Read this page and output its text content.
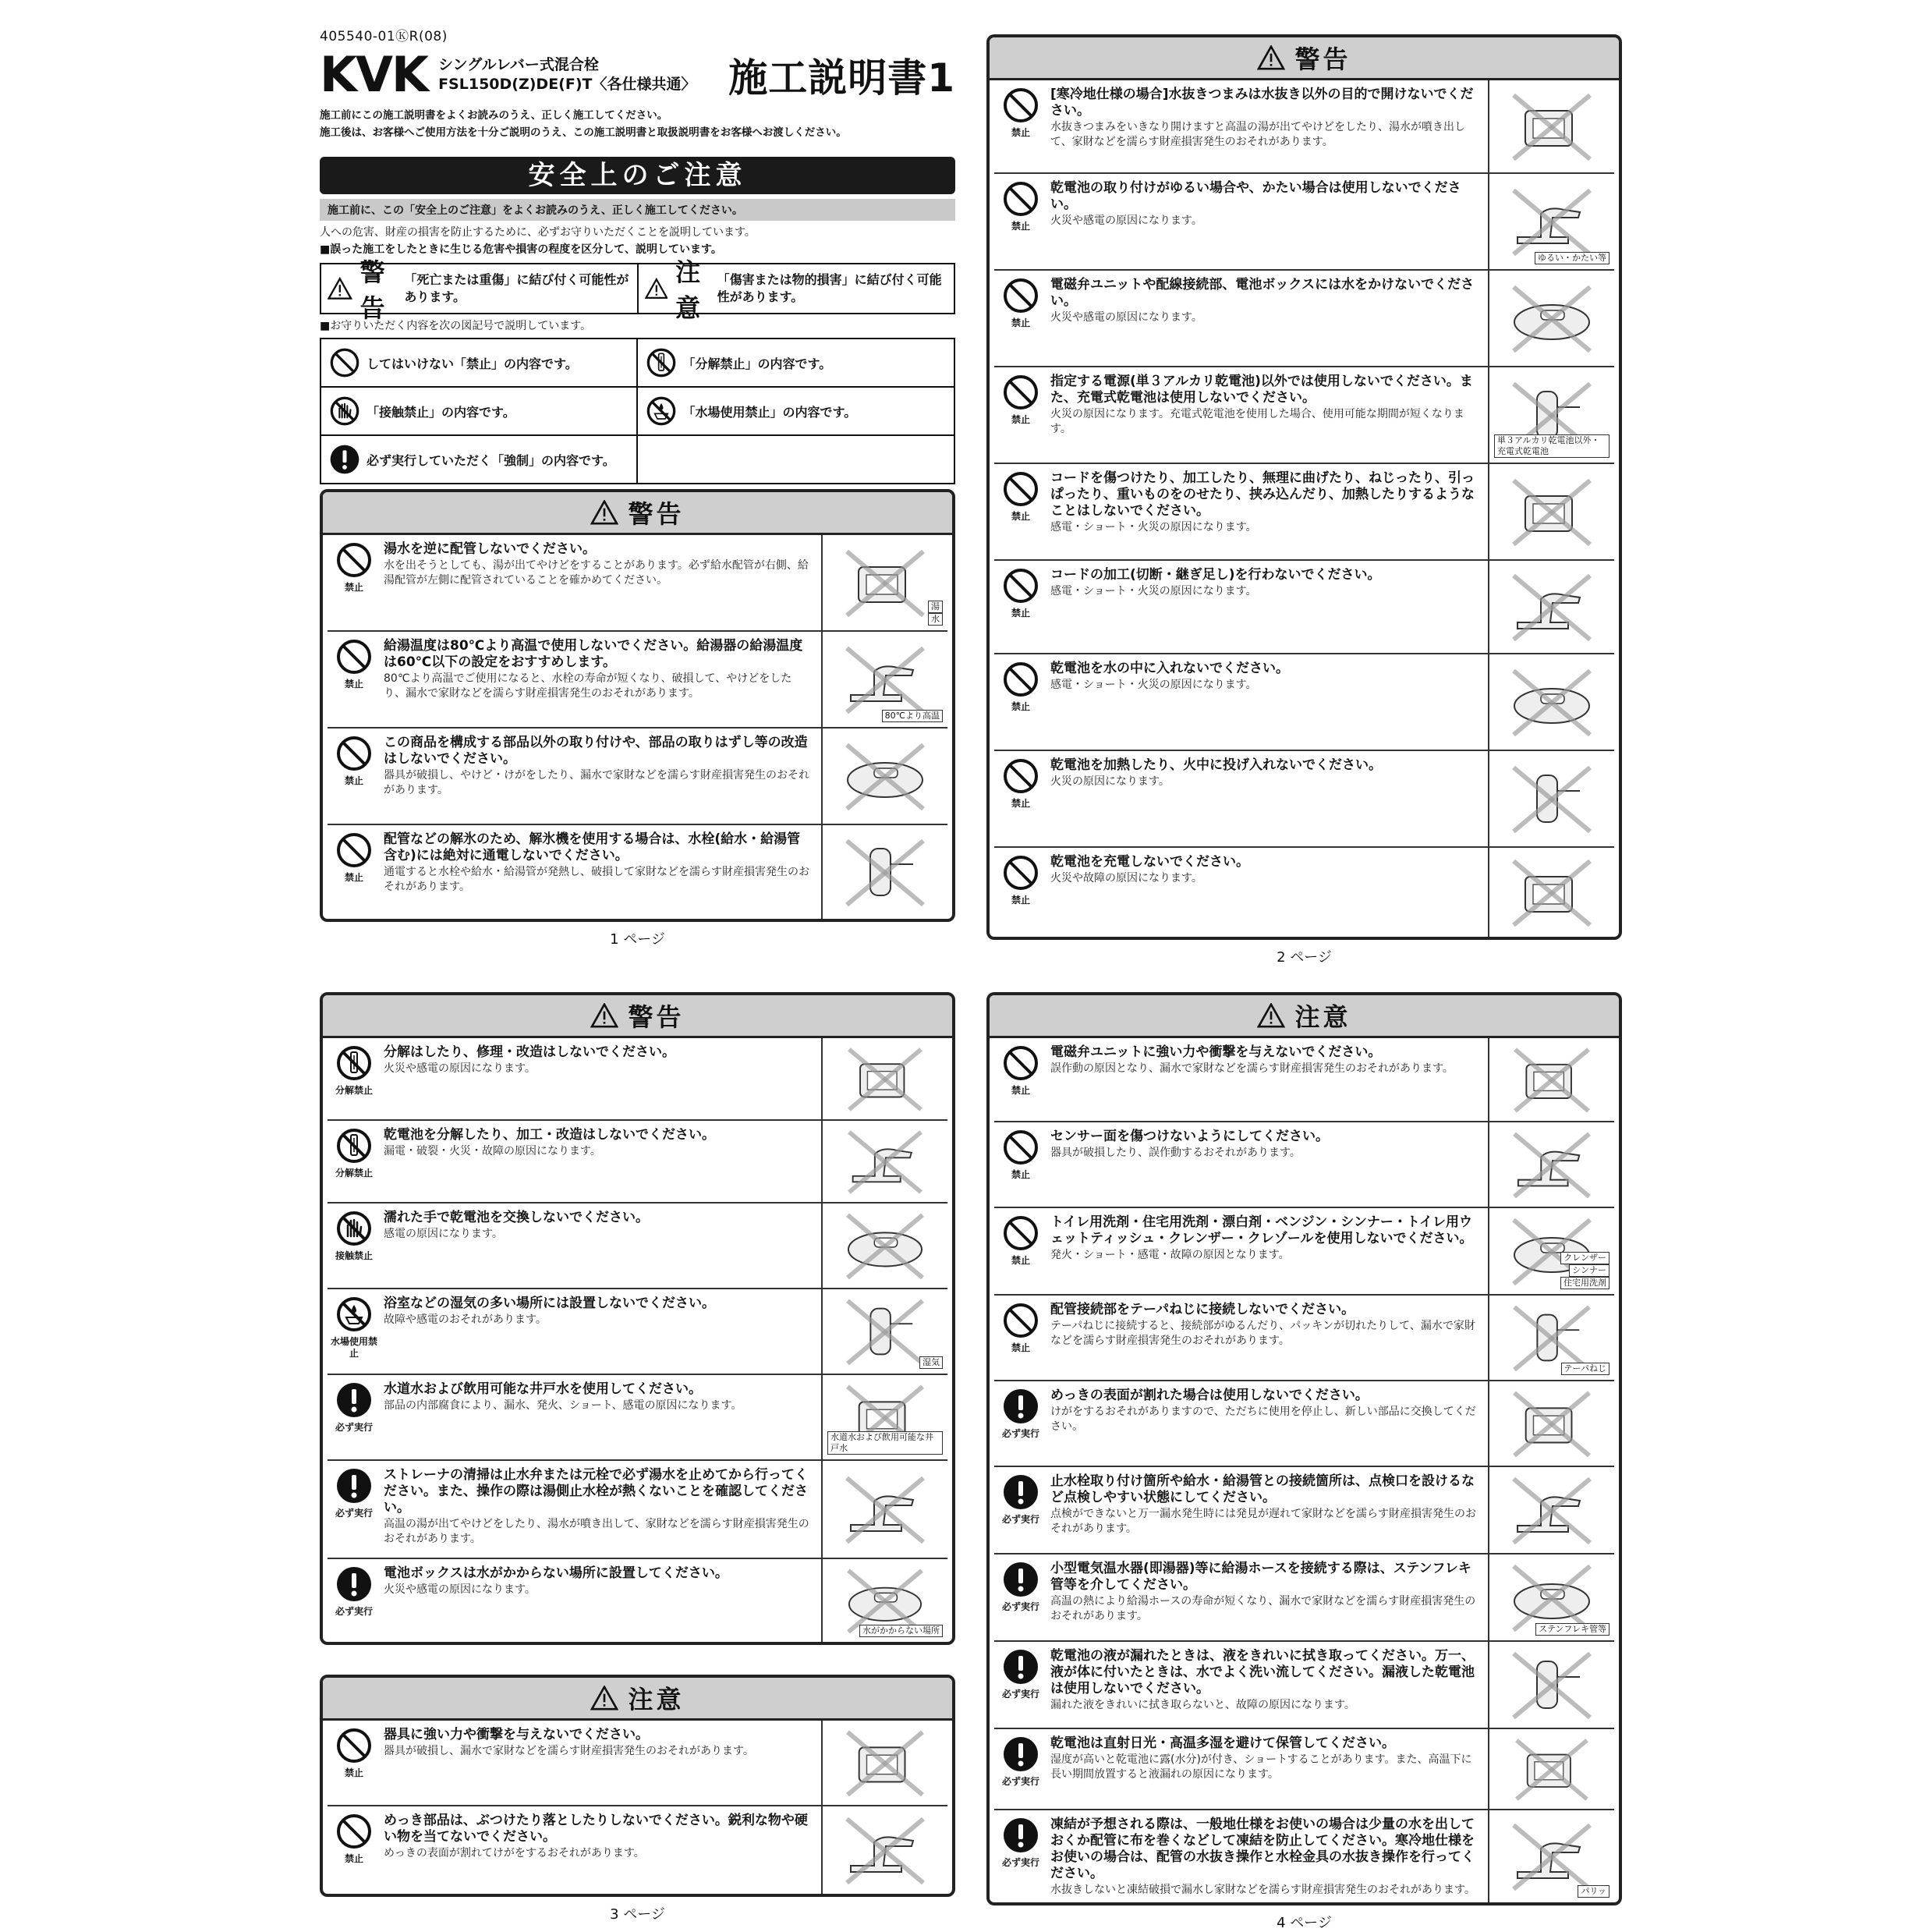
405540-01ⓀR(08)
KVK シングルレバー式混合栓
FSL150D(Z)DE(F)T〈各仕様共通〉 施工説明書1
施工前にこの施工説明書をよくお読みのうえ、正しく施工してください。
施工後は、お客様へご使用方法を十分ご説明のうえ、この施工説明書と取扱説明書をお客様へお渡しください。
安全上のご注意
施工前に、この「安全上のご注意」をよくお読みのうえ、正しく施工してください。
人への危害、財産の損害を防止するために、必ずお守りいただくことを説明しています。
■誤った施工をしたときに生じる危害や損害の程度を区分して、説明しています。
警告
「死亡または重傷」に結び付く可能性があります。
注意
「傷害または物的損害」に結び付く可能性があります。
■お守りいただく内容を次の図記号で説明しています。
してはいけない「禁止」の内容です。	「分解禁止」の内容です。
「接触禁止」の内容です。	「水場使用禁止」の内容です。
必ず実行していただく「強制」の内容です。
警告
禁止
湯水を逆に配管しないでください。
水を出そうとしても、湯が出てやけどをすることがあります。必ず給水配管が右側、給湯配管が左側に配管されていることを確かめてください。
水
湯
禁止
給湯温度は80℃より高温で使用しないでください。給湯器の給湯温度は60℃以下の設定をおすすめします。
80℃より高温でご使用になると、水栓の寿命が短くなり、破損して、やけどをしたり、漏水で家財などを濡らす財産損害発生のおそれがあります。
80℃より高温
禁止
この商品を構成する部品以外の取り付けや、部品の取りはずし等の改造はしないでください。
器具が破損し、やけど・けがをしたり、漏水で家財などを濡らす財産損害発生のおそれがあります。
禁止
配管などの解氷のため、解氷機を使用する場合は、水栓(給水・給湯管含む)には絶対に通電しないでください。
通電すると水栓や給水・給湯管が発熱し、破損して家財などを濡らす財産損害発生のおそれがあります。
1 ページ
警告
禁止
[寒冷地仕様の場合]水抜きつまみは水抜き以外の目的で開けないでください。
水抜きつまみをいきなり開けますと高温の湯が出てやけどをしたり、湯水が噴き出して、家財などを濡らす財産損害発生のおそれがあります。
禁止
乾電池の取り付けがゆるい場合や、かたい場合は使用しないでください。
火災や感電の原因になります。
ゆるい・かたい等
禁止
電磁弁ユニットや配線接続部、電池ボックスには水をかけないでください。
火災や感電の原因になります。
禁止
指定する電源(単３アルカリ乾電池)以外では使用しないでください。また、充電式乾電池は使用しないでください。
火災の原因になります。充電式乾電池を使用した場合、使用可能な期間が短くなります。
単３アルカリ乾電池以外・充電式乾電池
禁止
コードを傷つけたり、加工したり、無理に曲げたり、ねじったり、引っぱったり、重いものをのせたり、挟み込んだり、加熱したりするようなことはしないでください。
感電・ショート・火災の原因になります。
禁止
コードの加工(切断・継ぎ足し)を行わないでください。
感電・ショート・火災の原因になります。
禁止
乾電池を水の中に入れないでください。
感電・ショート・火災の原因になります。
禁止
乾電池を加熱したり、火中に投げ入れないでください。
火災の原因になります。
禁止
乾電池を充電しないでください。
火災や故障の原因になります。
2 ページ
警告
分解禁止
分解はしたり、修理・改造はしないでください。
火災や感電の原因になります。
分解禁止
乾電池を分解したり、加工・改造はしないでください。
漏電・破裂・火災・故障の原因になります。
接触禁止
濡れた手で乾電池を交換しないでください。
感電の原因になります。
水場使用禁止
浴室などの湿気の多い場所には設置しないでください。
故障や感電のおそれがあります。
湿気
必ず実行
水道水および飲用可能な井戸水を使用してください。
部品の内部腐食により、漏水、発火、ショート、感電の原因になります。
水道水および飲用可能な井戸水
必ず実行
ストレーナの清掃は止水弁または元栓で必ず湯水を止めてから行ってください。また、操作の際は湯側止水栓が熱くないことを確認してください。
高温の湯が出てやけどをしたり、湯水が噴き出して、家財などを濡らす財産損害発生のおそれがあります。
必ず実行
電池ボックスは水がかからない場所に設置してください。
火災や感電の原因になります。
水がかからない場所
注意
禁止
器具に強い力や衝撃を与えないでください。
器具が破損し、漏水で家財などを濡らす財産損害発生のおそれがあります。
禁止
めっき部品は、ぶつけたり落としたりしないでください。鋭利な物や硬い物を当てないでください。
めっきの表面が割れてけがをするおそれがあります。
3 ページ
注意
禁止
電磁弁ユニットに強い力や衝撃を与えないでください。
誤作動の原因となり、漏水で家財などを濡らす財産損害発生のおそれがあります。
禁止
センサー面を傷つけないようにしてください。
器具が破損したり、誤作動するおそれがあります。
禁止
トイレ用洗剤・住宅用洗剤・漂白剤・ベンジン・シンナー・トイレ用ウェットティッシュ・クレンザー・クレゾールを使用しないでください。
発火・ショート・感電・故障の原因となります。
住宅用洗剤
シンナー
クレンザー
禁止
配管接続部をテーパねじに接続しないでください。
テーパねじに接続すると、接続部がゆるんだり、パッキンが切れたりして、漏水で家財などを濡らす財産損害発生のおそれがあります。
テーパねじ
必ず実行
めっきの表面が割れた場合は使用しないでください。
けがをするおそれがありますので、ただちに使用を停止し、新しい部品に交換してください。
必ず実行
止水栓取り付け箇所や給水・給湯管との接続箇所は、点検口を設けるなど点検しやすい状態にしてください。
点検ができないと万一漏水発生時には発見が遅れて家財などを濡らす財産損害発生のおそれがあります。
必ず実行
小型電気温水器(即湯器)等に給湯ホースを接続する際は、ステンフレキ管等を介してください。
高温の熱により給湯ホースの寿命が短くなり、漏水で家財などを濡らす財産損害発生のおそれがあります。
ステンフレキ管等
必ず実行
乾電池の液が漏れたときは、液をきれいに拭き取ってください。万一、液が体に付いたときは、水でよく洗い流してください。漏液した乾電池は使用しないでください。
漏れた液をきれいに拭き取らないと、故障の原因になります。
必ず実行
乾電池は直射日光・高温多湿を避けて保管してください。
湿度が高いと乾電池に露(水分)が付き、ショートすることがあります。また、高温下に長い期間放置すると液漏れの原因になります。
必ず実行
凍結が予想される際は、一般地仕様をお使いの場合は少量の水を出しておくか配管に布を巻くなどして凍結を防止してください。寒冷地仕様をお使いの場合は、配管の水抜き操作と水栓金具の水抜き操作を行ってください。
水抜きしないと凍結破損で漏水し家財などを濡らす財産損害発生のおそれがあります。	パリッ
4 ページ
